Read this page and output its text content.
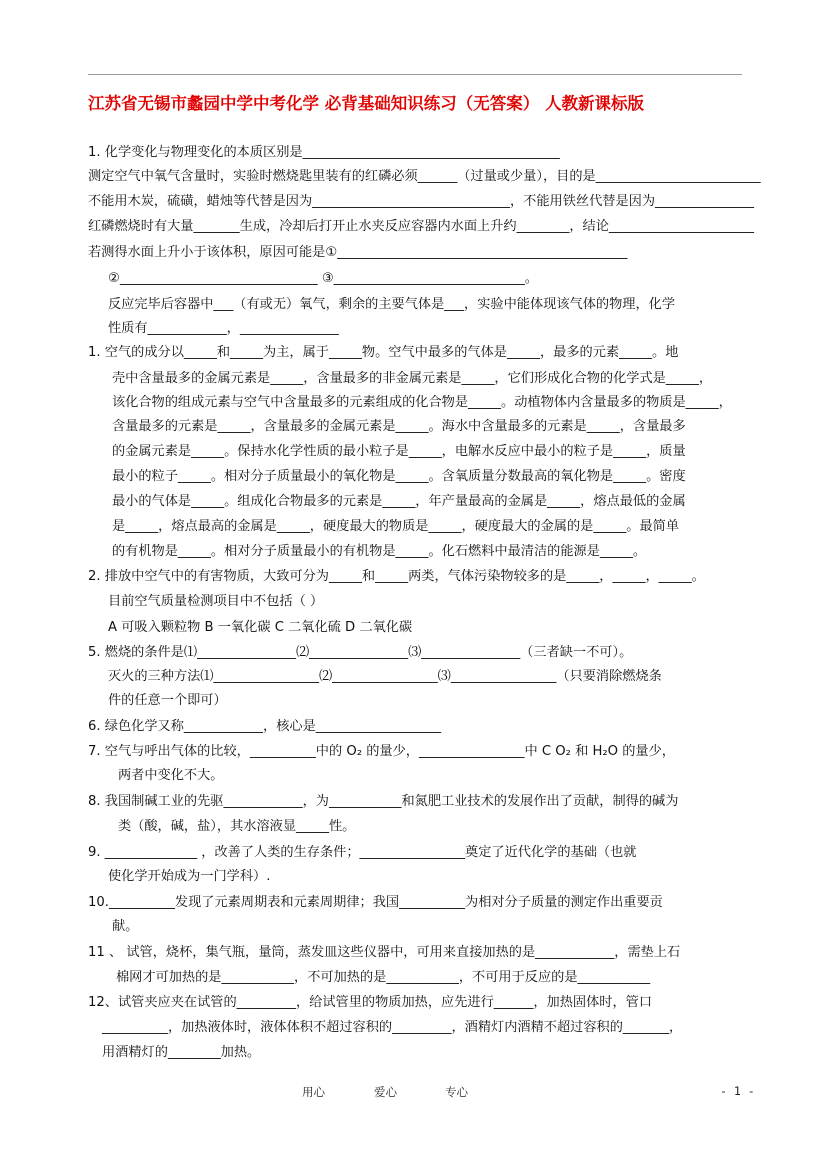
江苏省无锡市蠡园中学中考化学 必背基础知识练习（无答案） 人教新课标版
1. 化学变化与物理变化的本质区别是_______________________________________
测定空气中氧气含量时，实验时燃烧匙里装有的红磷必须______（过量或少量），目的是_________________________
不能用木炭，硫磺，蜡烛等代替是因为______________________________，不能用铁丝代替是因为_______________
红磷燃烧时有大量_______生成，冷却后打开止水夹反应容器内水面上升约________，结论______________________
若测得水面上升小于该体积，原因可能是①____________________________________________
②______________________________ ③_____________________________。
反应完毕后容器中___（有或无）氧气，剩余的主要气体是___，实验中能体现该气体的物理，化学
性质有____________，_______________
1. 空气的成分以_____和_____为主，属于_____物。空气中最多的气体是_____，最多的元素_____。地
壳中含量最多的金属元素是_____，含量最多的非金属元素是_____，它们形成化合物的化学式是_____，
该化合物的组成元素与空气中含量最多的元素组成的化合物是_____。动植物体内含量最多的物质是_____，
含量最多的元素是_____，含量最多的金属元素是_____。海水中含量最多的元素是_____，含量最多
的金属元素是_____。保持水化学性质的最小粒子是_____，电解水反应中最小的粒子是_____，质量
最小的粒子_____。相对分子质量最小的氧化物是_____。含氧质量分数最高的氧化物是_____。密度
最小的气体是_____。组成化合物最多的元素是_____，年产量最高的金属是_____，熔点最低的金属
是_____，熔点最高的金属是_____，硬度最大的物质是_____，硬度最大的金属的是_____。最简单
的有机物是_____。相对分子质量最小的有机物是_____。化石燃料中最清洁的能源是_____。
2. 排放中空气中的有害物质，大致可分为_____和_____两类，气体污染物较多的是_____，_____，_____。
目前空气质量检测项目中不包括（ ）
A 可吸入颗粒物 B 一氧化碳 C 二氧化硫 D 二氧化碳
5. 燃烧的条件是⑴_______________⑵_______________⑶_______________（三者缺一不可）。
灭火的三种方法⑴________________⑵________________⑶________________（只要消除燃烧条
件的任意一个即可）
6. 绿色化学又称____________，核心是___________________
7. 空气与呼出气体的比较，__________中的 O₂ 的量少，________________中 C O₂ 和 H₂O 的量少，
两者中变化不大。
8. 我国制碱工业的先驱____________，为___________和氮肥工业技术的发展作出了贡献，制得的碱为
类（酸，碱，盐），其水溶液显_____性。
9. ______________ ，改善了人类的生存条件；________________奠定了近代化学的基础（也就
使化学开始成为一门学科）.
10.__________发现了元素周期表和元素周期律；我国__________为相对分子质量的测定作出重要贡
献。
11 、 试管，烧杯，集气瓶，量筒，蒸发皿这些仪器中，可用来直接加热的是____________，需垫上石
棉网才可加热的是___________，不可加热的是___________，不可用于反应的是___________
12、试管夹应夹在试管的_________，给试管里的物质加热，应先进行______，加热固体时，管口
__________，加热液体时，液体体积不超过容积的_________，酒精灯内酒精不超过容积的_______，
用酒精灯的________加热。
用心	爱心	专心	- 1 -
